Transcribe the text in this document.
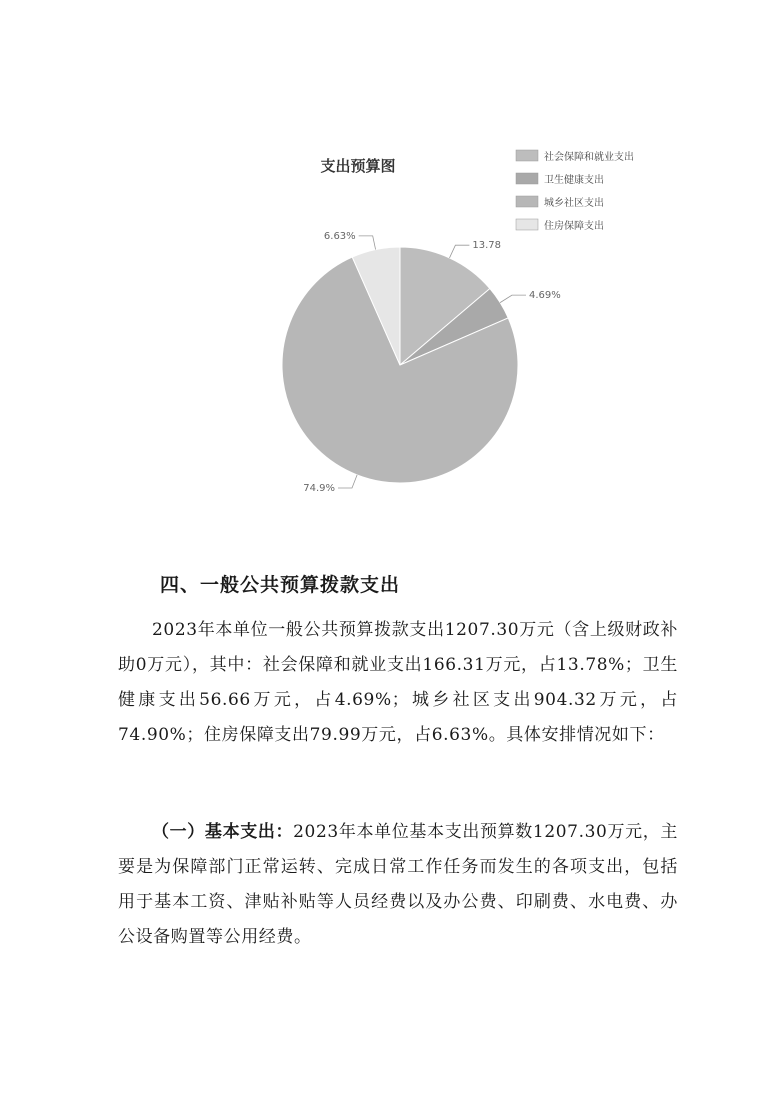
支出预算图	社会保障和就业支出
卫生健康支出
城乡社区支出
住房保障支出
13.78
4.69%
74.9%
6.63%
四、一般公共预算拨款支出

2023年本单位一般公共预算拨款支出1207.30万元（含上级财政补助0万元），其中：社会保障和就业支出166.31万元，占13.78%；卫生健康支出56.66万元，占4.69%；城乡社区支出904.32万元，占74.90%；住房保障支出79.99万元，占6.63%。具体安排情况如下：

（一）基本支出：2023年本单位基本支出预算数1207.30万元，主要是为保障部门正常运转、完成日常工作任务而发生的各项支出，包括用于基本工资、津贴补贴等人员经费以及办公费、印刷费、水电费、办公设备购置等公用经费。
